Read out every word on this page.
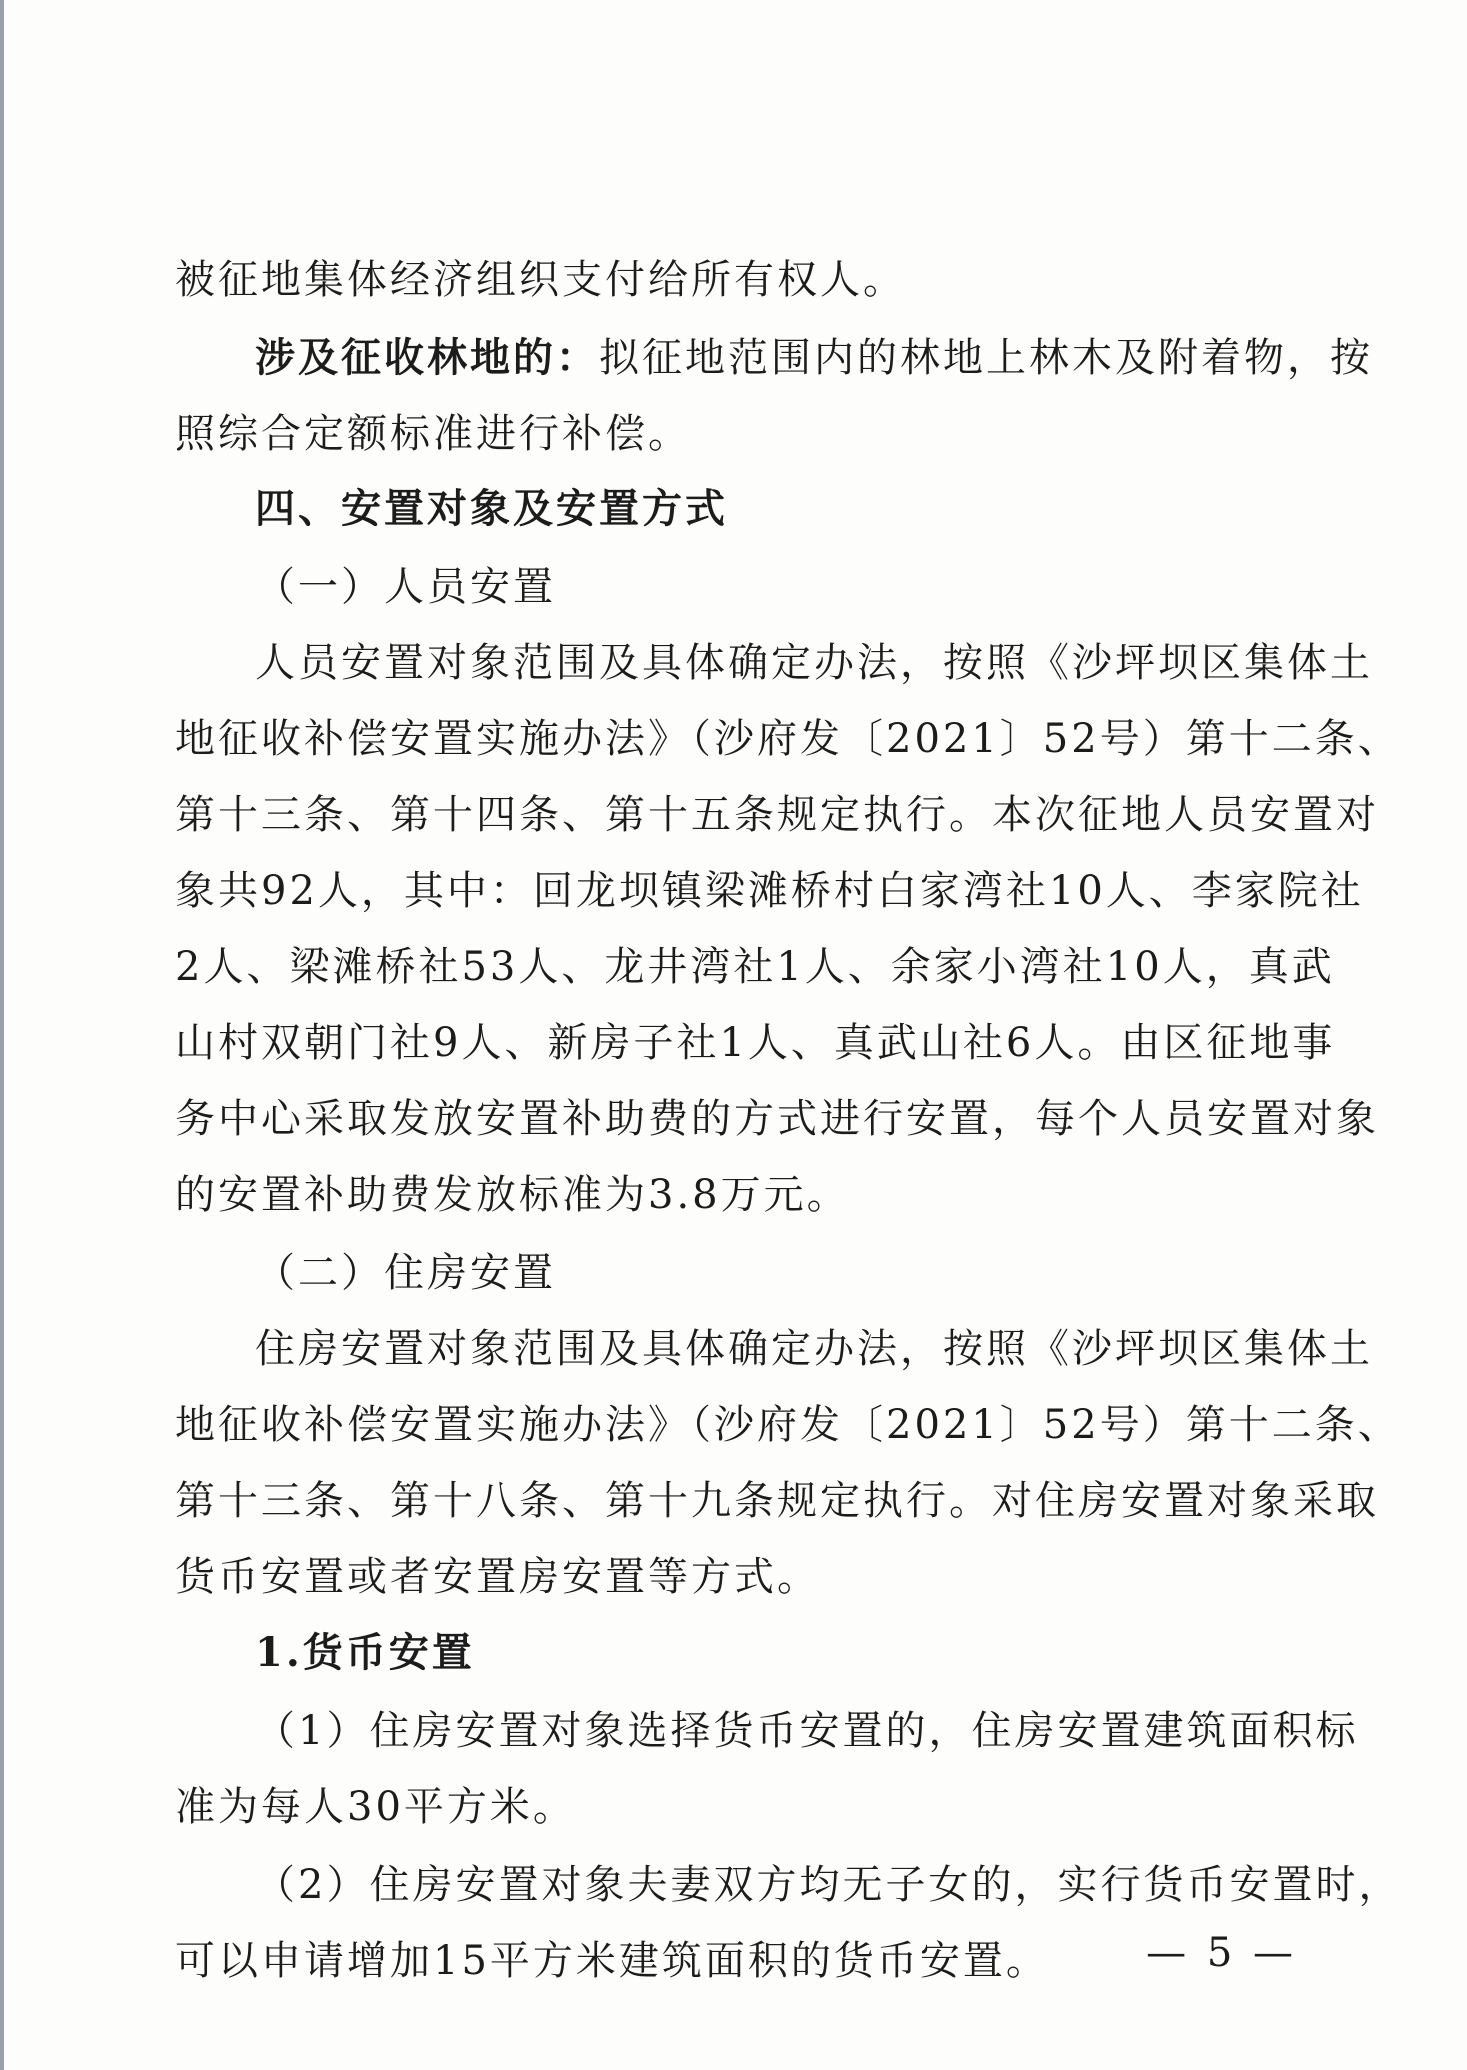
被征地集体经济组织支付给所有权人。
涉及征收林地的：拟征地范围内的林地上林木及附着物，按
照综合定额标准进行补偿。
四、安置对象及安置方式
（一）人员安置
人员安置对象范围及具体确定办法，按照《沙坪坝区集体土
地征收补偿安置实施办法》（沙府发〔2021〕52号）第十二条、
第十三条、第十四条、第十五条规定执行。本次征地人员安置对
象共92人，其中：回龙坝镇梁滩桥村白家湾社10人、李家院社
2人、梁滩桥社53人、龙井湾社1人、余家小湾社10人，真武
山村双朝门社9人、新房子社1人、真武山社6人。由区征地事
务中心采取发放安置补助费的方式进行安置，每个人员安置对象
的安置补助费发放标准为3.8万元。
（二）住房安置
住房安置对象范围及具体确定办法，按照《沙坪坝区集体土
地征收补偿安置实施办法》（沙府发〔2021〕52号）第十二条、
第十三条、第十八条、第十九条规定执行。对住房安置对象采取
货币安置或者安置房安置等方式。
1.货币安置
（1）住房安置对象选择货币安置的，住房安置建筑面积标
准为每人30平方米。
（2）住房安置对象夫妻双方均无子女的，实行货币安置时，
可以申请增加15平方米建筑面积的货币安置。	— 5 —
